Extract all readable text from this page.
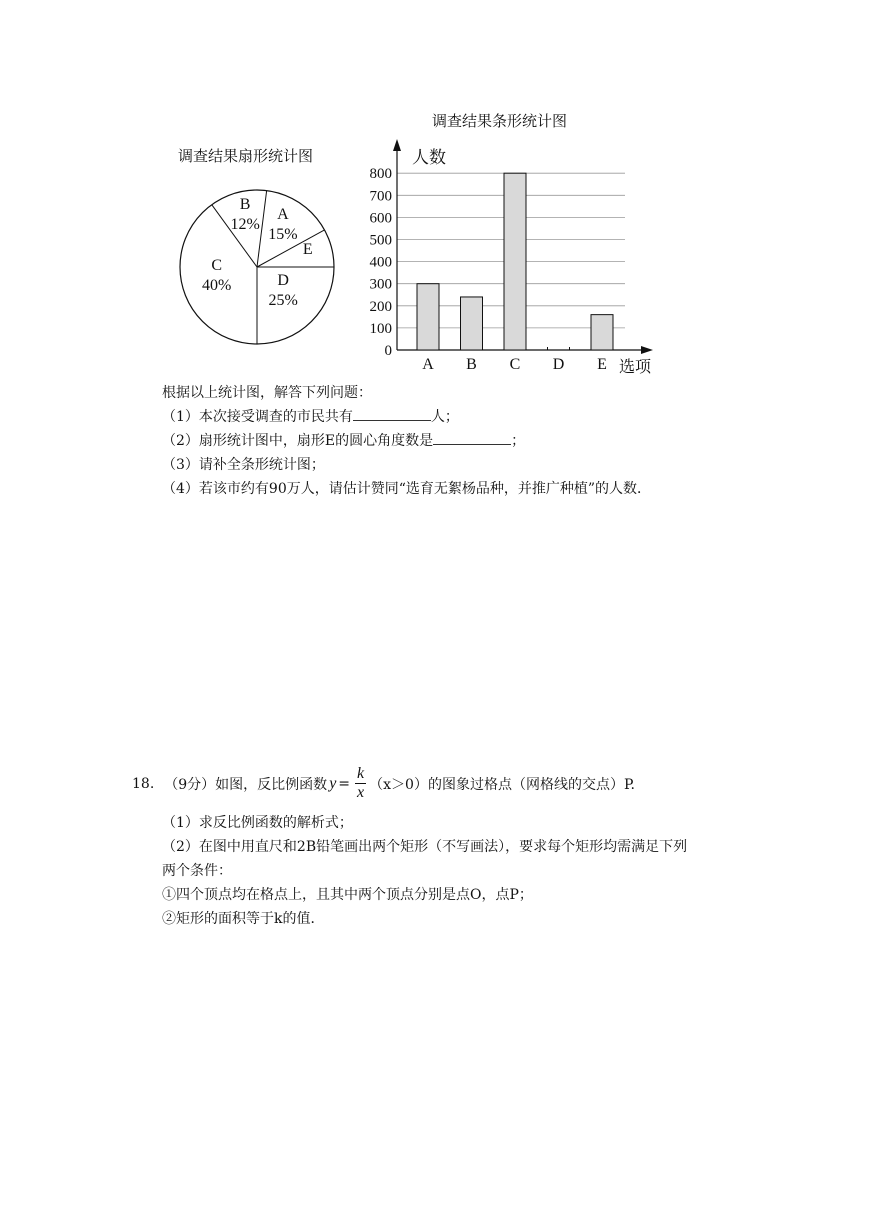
调查结果扇形统计图
D
25%
C
40%
B
12%
A
15%
E
调查结果条形统计图
0
100
200
300
400
500
600
700
800
人数
选项
A B C D E
根据以上统计图，解答下列问题：
（1）本次接受调查的市民共有	人；
（2）扇形统计图中，扇形E的圆心角度数是	；
（3）请补全条形统计图；
（4）若该市约有90万人，请估计赞同“选育无絮杨品种，并推广种植”的人数．
18. （9分）如图，反比例函数 $y = \frac{k}{x} (x>0)$ 的图象过格点（网格线的交点）P.
（1）求反比例函数的解析式；
（2）在图中用直尺和2B铅笔画出两个矩形（不写画法），要求每个矩形均需满足下列
两个条件：
①四个顶点均在格点上，且其中两个顶点分别是点O，点P；
②矩形的面积等于k的值．
